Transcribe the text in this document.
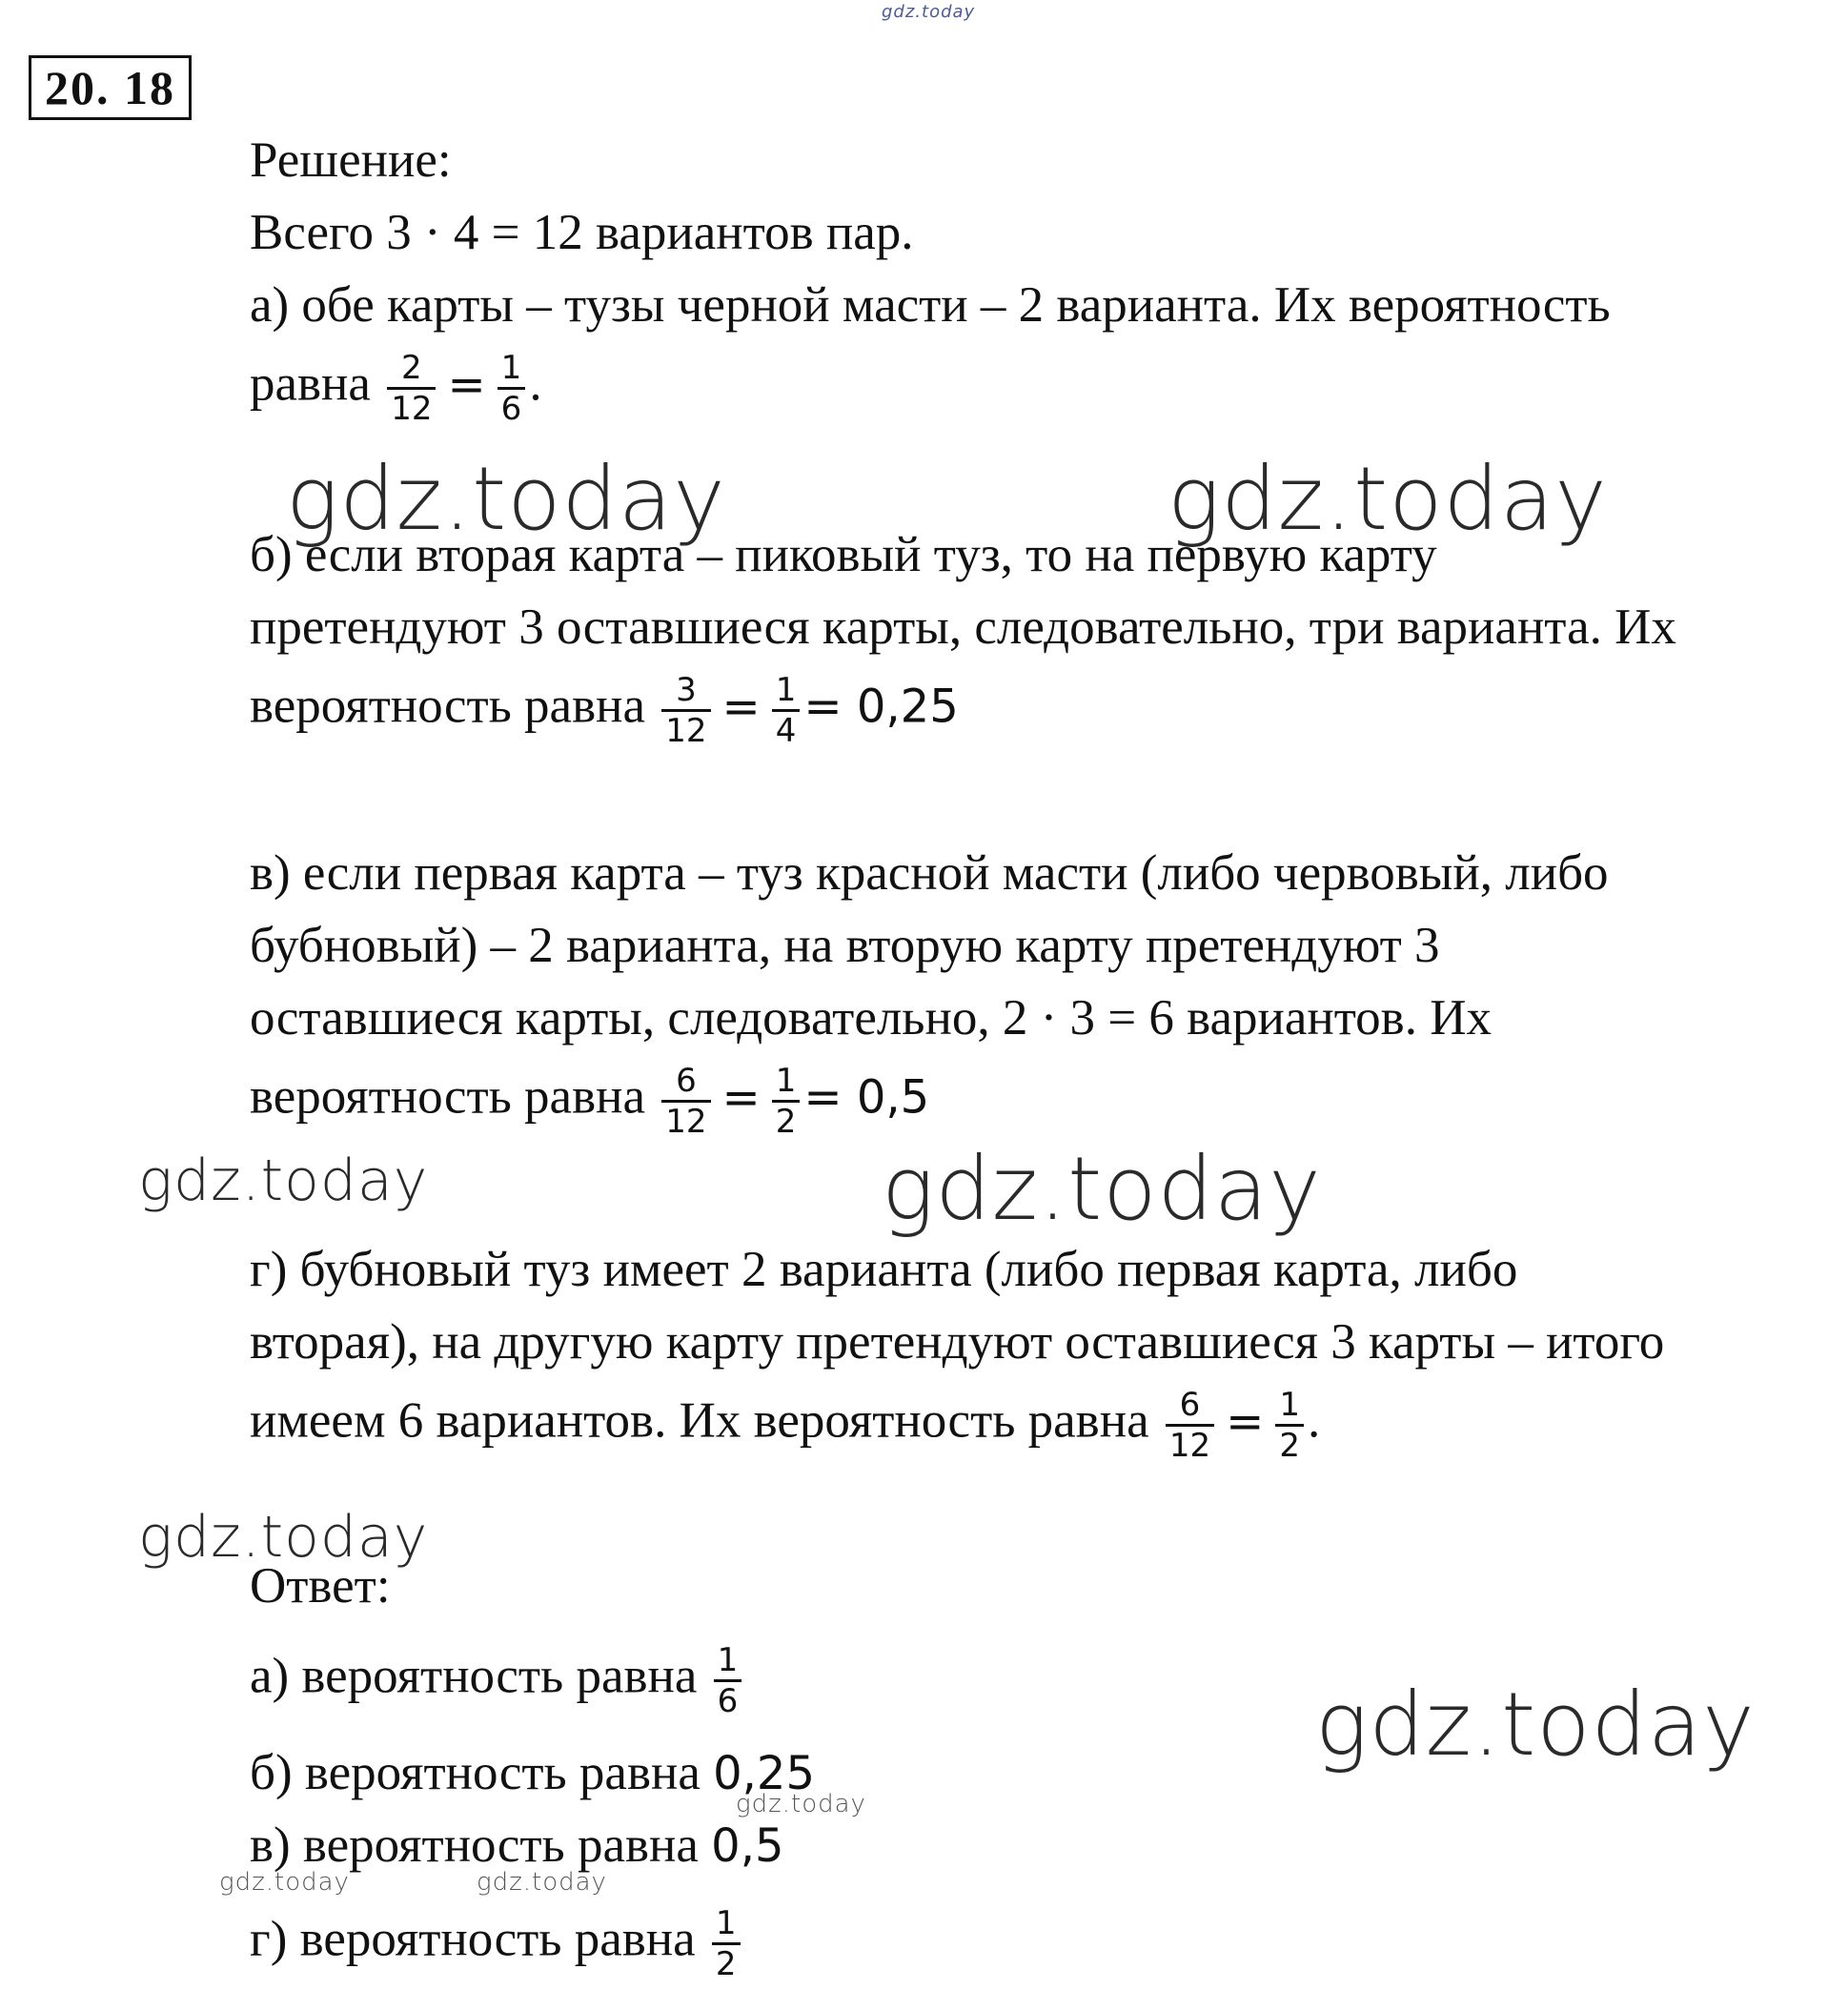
gdz.today
20. 18
Решение:
Всего 3 · 4 = 12 вариантов пар.
а) обе карты – тузы черной масти – 2 варианта. Их вероятность
равна $\frac{2}{12} = \frac{1}{6}$ .
gdz.today	gdz.today
б) если вторая карта – пиковый туз, то на первую карту
претендуют 3 оставшиеся карты, следовательно, три варианта. Их
вероятность равна $\frac{3}{12} = \frac{1}{4} = 0,25$
в) если первая карта – туз красной масти (либо червовый, либо
бубновый) – 2 варианта, на вторую карту претендуют 3
оставшиеся карты, следовательно, 2 · 3 = 6 вариантов. Их
вероятность равна $\frac{6}{12} = \frac{1}{2} = 0,5$
gdz.today	gdz.today
г) бубновый туз имеет 2 варианта (либо первая карта, либо
вторая), на другую карту претендуют оставшиеся 3 карты – итого
имеем 6 вариантов. Их вероятность равна $\frac{6}{12} = \frac{1}{2}$ .
gdz.today
Ответ:
а) вероятность равна $\frac{1}{6}$	gdz.today
б) вероятность равна 0,25
gdz.today
в) вероятность равна 0,5
gdz.today	gdz.today
г) вероятность равна $\frac{1}{2}$
